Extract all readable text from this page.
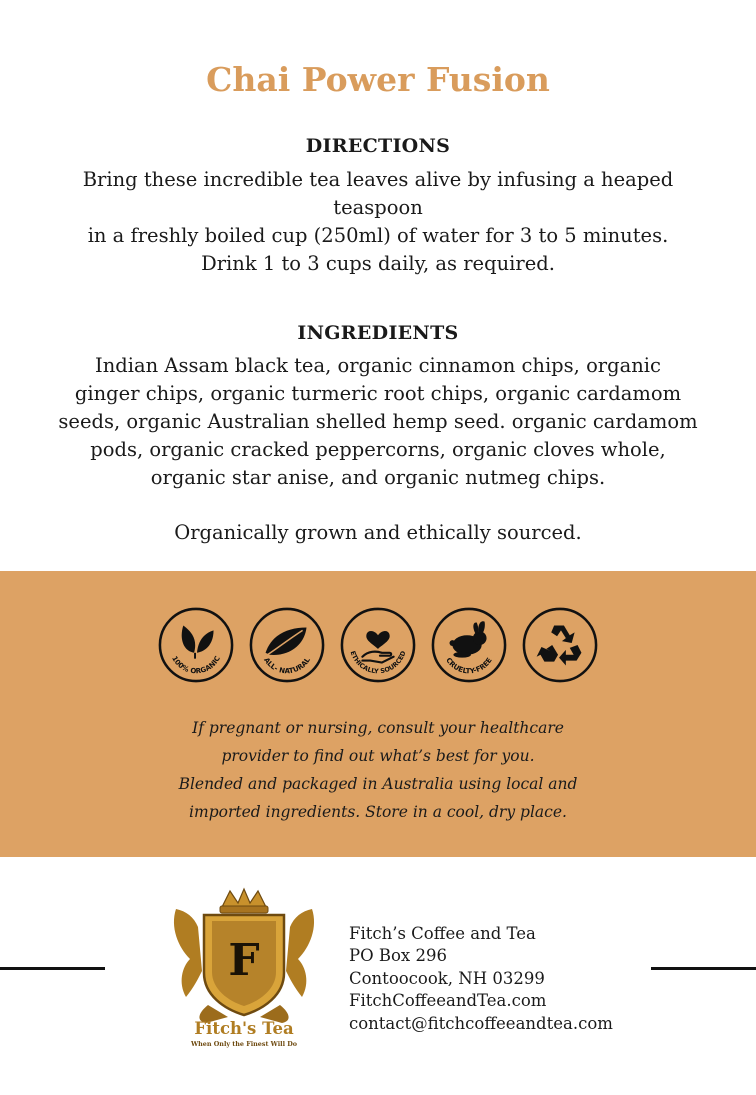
Chai Power Fusion
DIRECTIONS
Bring these incredible tea leaves alive by infusing a heaped teaspoon
in a freshly boiled cup (250ml) of water for 3 to 5 minutes.
Drink 1 to 3 cups daily, as required.
INGREDIENTS
Indian Assam black tea, organic cinnamon chips, organic
ginger chips, organic turmeric root chips, organic cardamom
seeds, organic Australian shelled hemp seed. organic cardamom
pods, organic cracked peppercorns, organic cloves whole,
organic star anise, and organic nutmeg chips.
Organically grown and ethically sourced.
100% ORGANIC	ALL- NATURAL
ETHICALLY SOURCED
CRUELTY-FREE
If pregnant or nursing, consult your healthcare
provider to find out what’s best for you.
Blended and packaged in Australia using local and
imported ingredients. Store in a cool, dry place.
F
Fitch's Tea
When Only the Finest Will Do
Fitch’s Coffee and Tea
PO Box 296
Contoocook, NH 03299
FitchCoffeeandTea.com
contact@fitchcoffeeandtea.com
